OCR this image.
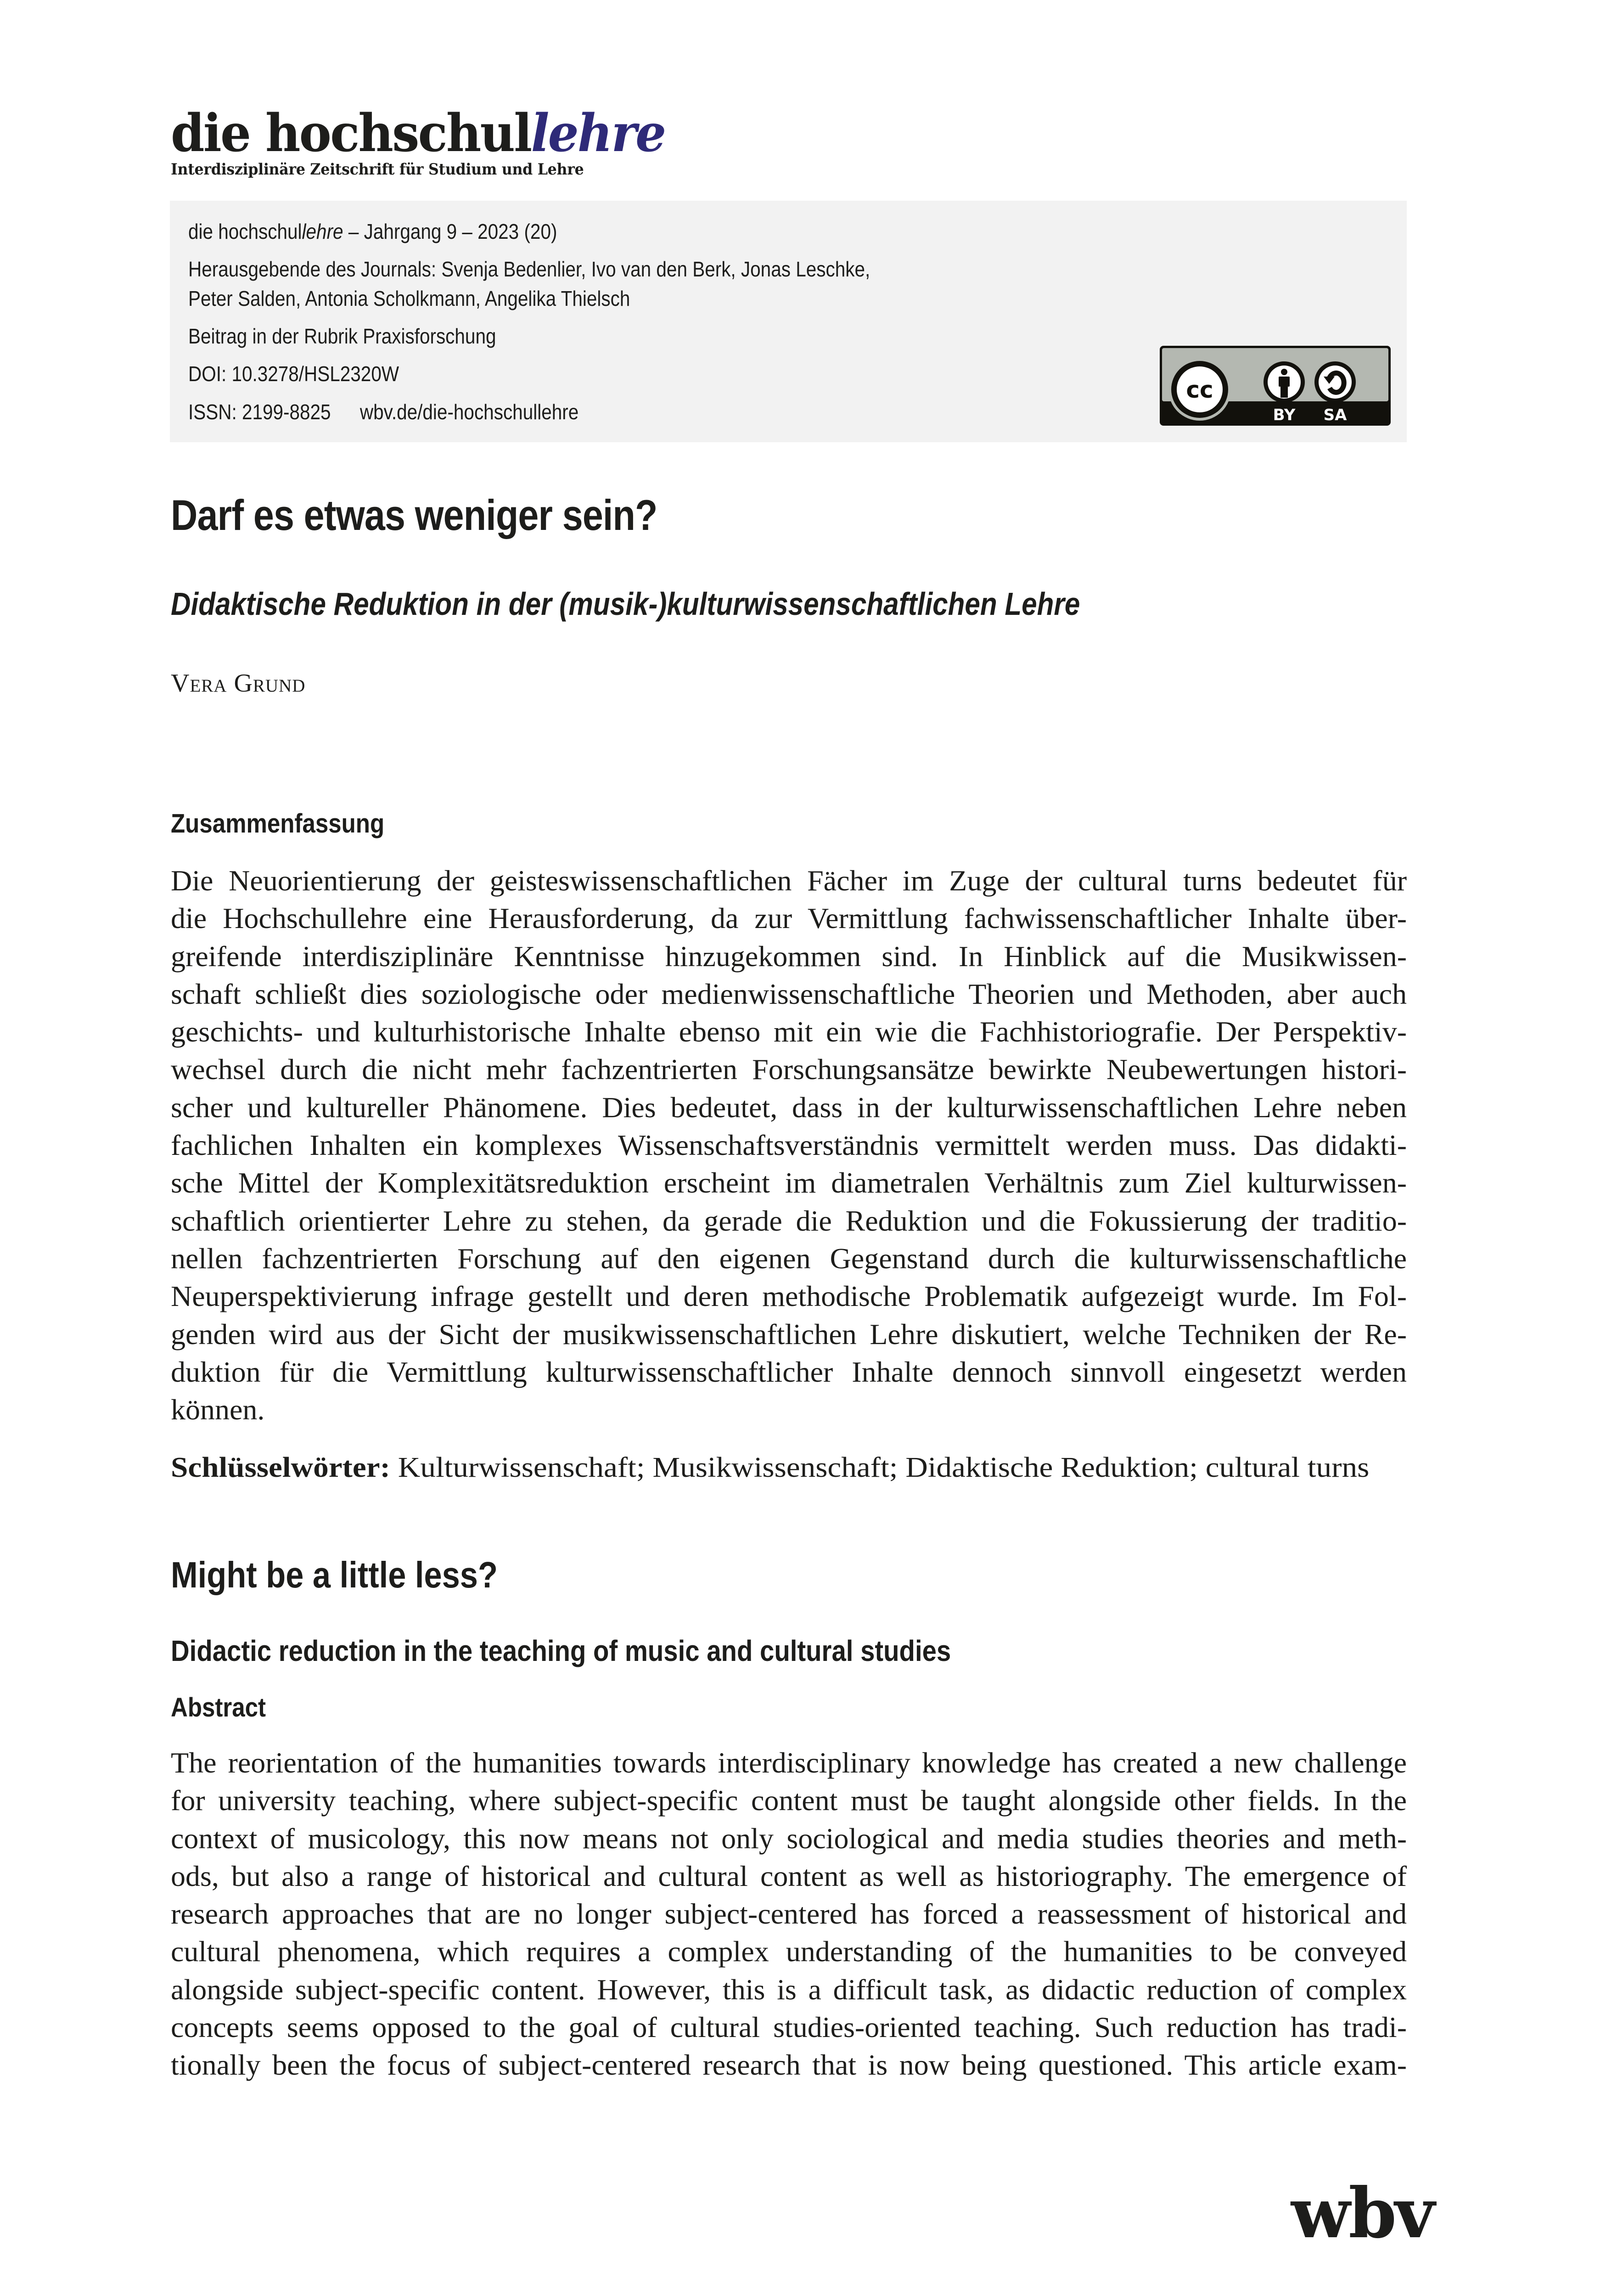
die hochschullehre
Interdisziplinäre Zeitschrift für Studium und Lehre
die hochschullehre – Jahrgang 9 – 2023 (20)
Herausgebende des Journals: Svenja Bedenlier, Ivo van den Berk, Jonas Leschke,
Peter Salden, Antonia Scholkmann, Angelika Thielsch
Beitrag in der Rubrik Praxisforschung
DOI: 10.3278/HSL2320W
ISSN: 2199-8825 wbv.de/die-hochschullehre
cc
BY SA
Darf es etwas weniger sein?
Didaktische Reduktion in der (musik-)kulturwissenschaftlichen Lehre
Vera Grund
Zusammenfassung
Die Neuorientierung der geisteswissenschaftlichen Fächer im Zuge der cultural turns bedeutet für
die Hochschullehre eine Herausforderung, da zur Vermittlung fachwissenschaftlicher Inhalte über-
greifende interdisziplinäre Kenntnisse hinzugekommen sind. In Hinblick auf die Musikwissen-
schaft schließt dies soziologische oder medienwissenschaftliche Theorien und Methoden, aber auch
geschichts- und kulturhistorische Inhalte ebenso mit ein wie die Fachhistoriografie. Der Perspektiv-
wechsel durch die nicht mehr fachzentrierten Forschungsansätze bewirkte Neubewertungen histori-
scher und kultureller Phänomene. Dies bedeutet, dass in der kulturwissenschaftlichen Lehre neben
fachlichen Inhalten ein komplexes Wissenschaftsverständnis vermittelt werden muss. Das didakti-
sche Mittel der Komplexitätsreduktion erscheint im diametralen Verhältnis zum Ziel kulturwissen-
schaftlich orientierter Lehre zu stehen, da gerade die Reduktion und die Fokussierung der traditio-
nellen fachzentrierten Forschung auf den eigenen Gegenstand durch die kulturwissenschaftliche
Neuperspektivierung infrage gestellt und deren methodische Problematik aufgezeigt wurde. Im Fol-
genden wird aus der Sicht der musikwissenschaftlichen Lehre diskutiert, welche Techniken der Re-
duktion für die Vermittlung kulturwissenschaftlicher Inhalte dennoch sinnvoll eingesetzt werden
können.
Schlüsselwörter: Kulturwissenschaft; Musikwissenschaft; Didaktische Reduktion; cultural turns
Might be a little less?
Didactic reduction in the teaching of music and cultural studies
Abstract
The reorientation of the humanities towards interdisciplinary knowledge has created a new challenge
for university teaching, where subject-specific content must be taught alongside other fields. In the
context of musicology, this now means not only sociological and media studies theories and meth-
ods, but also a range of historical and cultural content as well as historiography. The emergence of
research approaches that are no longer subject-centered has forced a reassessment of historical and
cultural phenomena, which requires a complex understanding of the humanities to be conveyed
alongside subject-specific content. However, this is a difficult task, as didactic reduction of complex
concepts seems opposed to the goal of cultural studies-oriented teaching. Such reduction has tradi-
tionally been the focus of subject-centered research that is now being questioned. This article exam-
wbv
